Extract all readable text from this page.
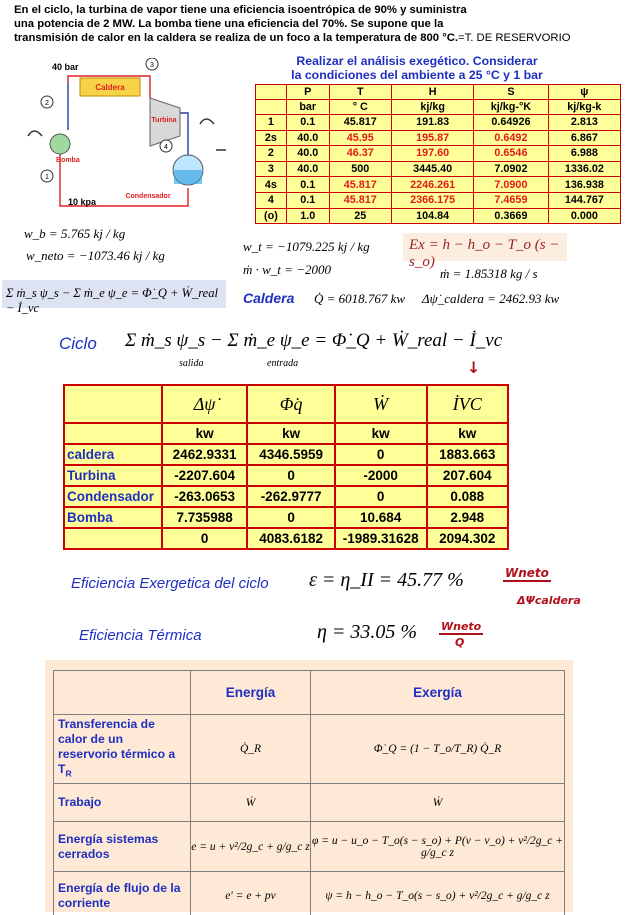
En el ciclo, la turbina de vapor tiene una eficiencia isoentrópica de 90% y suministra
una potencia de 2 MW. La bomba tiene una eficiencia del 70%. Se supone que la
transmisión de calor en la caldera se realiza de un foco a la temperatura de 800 °C.=T. DE RESERVORIO
Caldera
Turbina
Condensador
Bomba
40 bar
10 kpa
2
3
4
1
w_b = 5.765 kj / kg
w_neto = −1073.46 kj / kg
Σ ṁ_s ψ_s − Σ ṁ_e ψ_e = Φ̇_Q + Ẇ_real − İ_vc
Realizar el análisis exegético. Considerar
la condiciones del ambiente a 25 °C y 1 bar
	P	T	H	S	ψ
	bar	° C	kj/kg	kj/kg-°K	kj/kg-k
1	0.1	45.817	191.83	0.64926	2.813
2s	40.0	45.95	195.87	0.6492	6.867
2	40.0	46.37	197.60	0.6546	6.988
3	40.0	500	3445.40	7.0902	1336.02
4s	0.1	45.817	2246.261	7.0900	136.938
4	0.1	45.817	2366.175	7.4659	144.767
(o)	1.0	25	104.84	0.3669	0.000
w_t = −1079.225 kj / kg
ṁ · w_t = −2000
Ex = h − h_o − T_o (s − s_o)
ṁ = 1.85318 kg / s
Caldera Q̇ = 6018.767 kw Δψ̇_caldera = 2462.93 kw
Ciclo Σ ṁ_s ψ_s − Σ ṁ_e ψ_e = Φ̇_Q + Ẇ_real − İ_vc
salida	entrada	↓
	Δψ̇	Φ̇q	Ẇ	İVC
	kw	kw	kw	kw
caldera	2462.9331	4346.5959	0	1883.663
Turbina	-2207.604	0	-2000	207.604
Condensador	-263.0653	-262.9777	0	0.088
Bomba	7.735988	0	10.684	2.948
	0	4083.6182	-1989.31628	2094.302
Eficiencia Exergetica del ciclo ε = η_II = 45.77 %	Wneto
ΔΨcaldera
Eficiencia Térmica	η = 33.05 % Wneto
Q
	Energía	Exergía
Transferencia de calor de un reservorio térmico a $T_R$	Q̇_R	Φ̇_Q = (1 − T_o/T_R) Q̇_R
Trabajo	Ẇ	Ẇ
Energía sistemas cerrados	e = u + v²/2g_c + g/g_c z	φ = u − u_o − T_o(s − s_o) + P(v − v_o) + v²/2g_c + g/g_c z
Energía de flujo de la corriente	e′ = e + pv	ψ = h − h_o − T_o(s − s_o) + v²/2g_c + g/g_c z
